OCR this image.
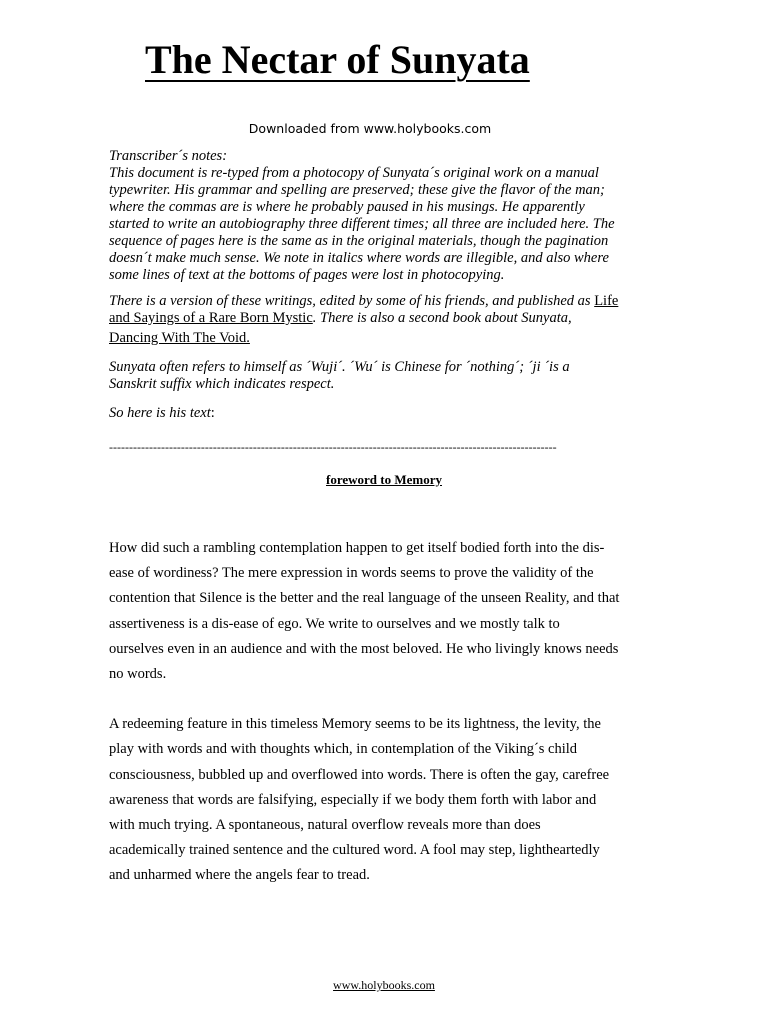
The Nectar of Sunyata
Downloaded from www.holybooks.com

Transcriber´s notes:

This document is re-typed from a photocopy of Sunyata´s original work on a manual
typewriter. His grammar and spelling are preserved; these give the flavor of the man;
where the commas are is where he probably paused in his musings. He apparently
started to write an autobiography three different times; all three are included here. The
sequence of pages here is the same as in the original materials, though the pagination
doesn´t make much sense. We note in italics where words are illegible, and also where
some lines of text at the bottoms of pages were lost in photocopying.

There is a version of these writings, edited by some of his friends, and published as Life
and Sayings of a Rare Born Mystic. There is also a second book about Sunyata,
Dancing With The Void.

Sunyata often refers to himself as ´Wuji´. ´Wu´ is Chinese for ´nothing´; ´ji ´is a
Sanskrit suffix which indicates respect.

So here is his text:

----------------------------------------------------------------------------------------------------------------
foreword to Memory

How did such a rambling contemplation happen to get itself bodied forth into the dis-
ease of wordiness? The mere expression in words seems to prove the validity of the
contention that Silence is the better and the real language of the unseen Reality, and that
assertiveness is a dis-ease of ego. We write to ourselves and we mostly talk to
ourselves even in an audience and with the most beloved. He who livingly knows needs
no words.

A redeeming feature in this timeless Memory seems to be its lightness, the levity, the
play with words and with thoughts which, in contemplation of the Viking´s child
consciousness, bubbled up and overflowed into words. There is often the gay, carefree
awareness that words are falsifying, especially if we body them forth with labor and
with much trying. A spontaneous, natural overflow reveals more than does
academically trained sentence and the cultured word. A fool may step, lightheartedly
and unharmed where the angels fear to tread.

www.holybooks.com
